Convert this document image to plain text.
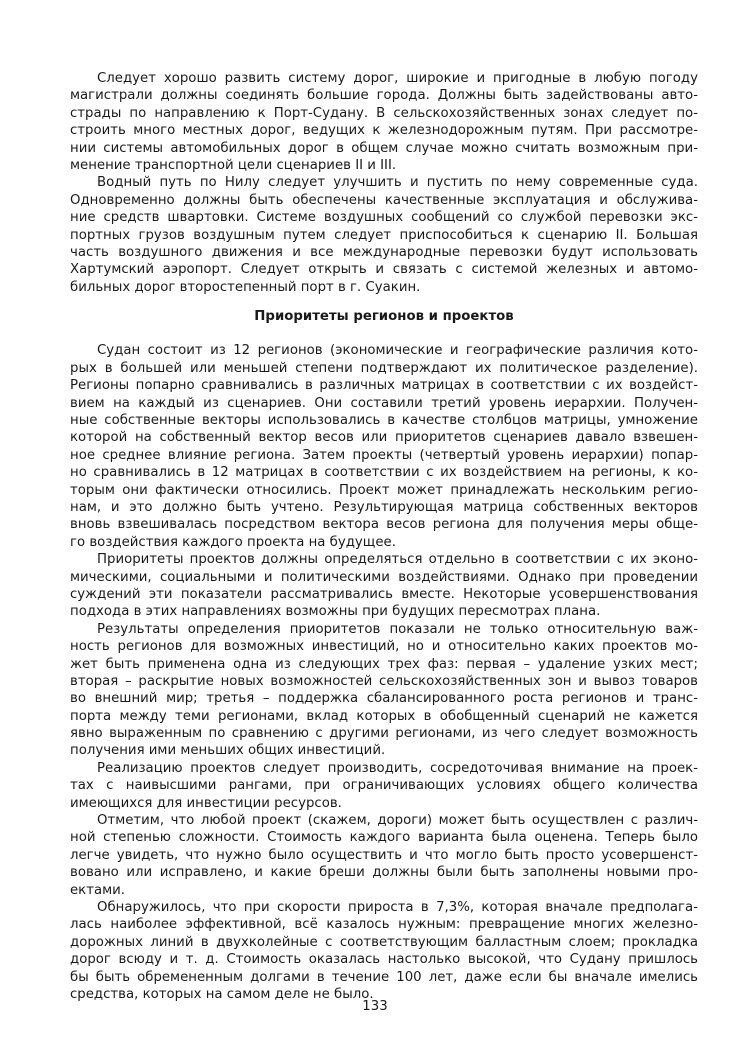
Следует хорошо развить систему дорог, широкие и пригодные в любую погоду
магистрали должны соединять большие города. Должны быть задействованы авто-
страды по направлению к Порт-Судану. В сельскохозяйственных зонах следует по-
строить много местных дорог, ведущих к железнодорожным путям. При рассмотре-
нии системы автомобильных дорог в общем случае можно считать возможным при-
менение транспортной цели сценариев II и III.
Водный путь по Нилу следует улучшить и пустить по нему современные суда.
Одновременно должны быть обеспечены качественные эксплуатация и обслужива-
ние средств швартовки. Системе воздушных сообщений со службой перевозки экс-
портных грузов воздушным путем следует приспособиться к сценарию II. Большая
часть воздушного движения и все международные перевозки будут использовать
Хартумский аэропорт. Следует открыть и связать с системой железных и автомо-
бильных дорог второстепенный порт в г. Суакин.
Приоритеты регионов и проектов
Судан состоит из 12 регионов (экономические и географические различия кото-
рых в большей или меньшей степени подтверждают их политическое разделение).
Регионы попарно сравнивались в различных матрицах в соответствии с их воздейст-
вием на каждый из сценариев. Они составили третий уровень иерархии. Получен-
ные собственные векторы использовались в качестве столбцов матрицы, умножение
которой на собственный вектор весов или приоритетов сценариев давало взвешен-
ное среднее влияние региона. Затем проекты (четвертый уровень иерархии) попар-
но сравнивались в 12 матрицах в соответствии с их воздействием на регионы, к ко-
торым они фактически относились. Проект может принадлежать нескольким регио-
нам, и это должно быть учтено. Результирующая матрица собственных векторов
вновь взвешивалась посредством вектора весов региона для получения меры обще-
го воздействия каждого проекта на будущее.
Приоритеты проектов должны определяться отдельно в соответствии с их эконо-
мическими, социальными и политическими воздействиями. Однако при проведении
суждений эти показатели рассматривались вместе. Некоторые усовершенствования
подхода в этих направлениях возможны при будущих пересмотрах плана.
Результаты определения приоритетов показали не только относительную важ-
ность регионов для возможных инвестиций, но и относительно каких проектов мо-
жет быть применена одна из следующих трех фаз: первая – удаление узких мест;
вторая – раскрытие новых возможностей сельскохозяйственных зон и вывоз товаров
во внешний мир; третья – поддержка сбалансированного роста регионов и транс-
порта между теми регионами, вклад которых в обобщенный сценарий не кажется
явно выраженным по сравнению с другими регионами, из чего следует возможность
получения ими меньших общих инвестиций.
Реализацию проектов следует производить, сосредоточивая внимание на проек-
тах с наивысшими рангами, при ограничивающих условиях общего количества
имеющихся для инвестиции ресурсов.
Отметим, что любой проект (скажем, дороги) может быть осуществлен с различ-
ной степенью сложности. Стоимость каждого варианта была оценена. Теперь было
легче увидеть, что нужно было осуществить и что могло быть просто усовершенст-
вовано или исправлено, и какие бреши должны были быть заполнены новыми про-
ектами.
Обнаружилось, что при скорости прироста в 7,3%, которая вначале предполага-
лась наиболее эффективной, всё казалось нужным: превращение многих железно-
дорожных линий в двухколейные с соответствующим балластным слоем; прокладка
дорог всюду и т. д. Стоимость оказалась настолько высокой, что Судану пришлось
бы быть обремененным долгами в течение 100 лет, даже если бы вначале имелись
средства, которых на самом деле не было.
133
